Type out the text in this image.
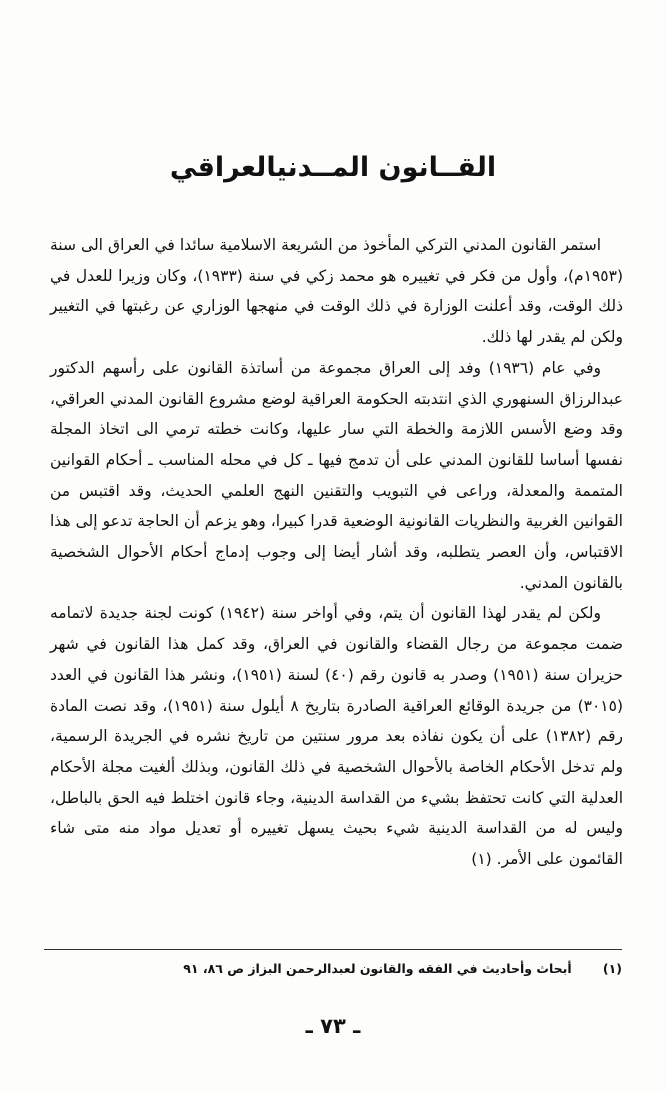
القــانون المــدنيالعراقي

استمر القانون المدني التركي المأخوذ من الشريعة الاسلامية سائدا في العراق الى سنة (١٩٥٣م)، وأول من فكر في تغييره هو محمد زكي في سنة (١٩٣٣)، وكان وزيرا للعدل في ذلك الوقت، وقد أعلنت الوزارة في ذلك الوقت في منهجها الوزاري عن رغبتها في التغيير ولكن لم يقدر لها ذلك.

وفي عام (١٩٣٦) وفد إلى العراق مجموعة من أساتذة القانون على رأسهم الدكتور عبدالرزاق السنهوري الذي انتدبته الحكومة العراقية لوضع مشروع القانون المدني العراقي، وقد وضع الأسس اللازمة والخطة التي سار عليها، وكانت خطته ترمي الى اتخاذ المجلة نفسها أساسا للقانون المدني على أن تدمج فيها ـ كل في محله المناسب ـ أحكام القوانين المتممة والمعدلة، وراعى في التبويب والتقنين النهج العلمي الحديث، وقد اقتبس من القوانين الغربية والنظريات القانونية الوضعية قدرا كبيرا، وهو يزعم أن الحاجة تدعو إلى هذا الاقتباس، وأن العصر يتطلبه، وقد أشار أيضا إلى وجوب إدماج أحكام الأحوال الشخصية بالقانون المدني.

ولكن لم يقدر لهذا القانون أن يتم، وفي أواخر سنة (١٩٤٢) كونت لجنة جديدة لاتمامه ضمت مجموعة من رجال القضاء والقانون في العراق، وقد كمل هذا القانون في شهر حزيران سنة (١٩٥١) وصدر به قانون رقم (٤٠) لسنة (١٩٥١)، ونشر هذا القانون في العدد (٣٠١٥) من جريدة الوقائع العراقية الصادرة بتاريخ ٨ أيلول سنة (١٩٥١)، وقد نصت المادة رقم (١٣٨٢) على أن يكون نفاذه بعد مرور سنتين من تاريخ نشره في الجريدة الرسمية، ولم تدخل الأحكام الخاصة بالأحوال الشخصية في ذلك القانون، وبذلك ألغيت مجلة الأحكام العدلية التي كانت تحتفظ بشيء من القداسة الدينية، وجاء قانون اختلط فيه الحق بالباطل، وليس له من القداسة الدينية شيء بحيث يسهل تغييره أو تعديل مواد منه متى شاء القائمون على الأمر. (١)

(١) أبحاث وأحاديث في الفقه والقانون لعبدالرحمن البزاز ص ٨٦، ٩١
ـ ٧٣ ـ
